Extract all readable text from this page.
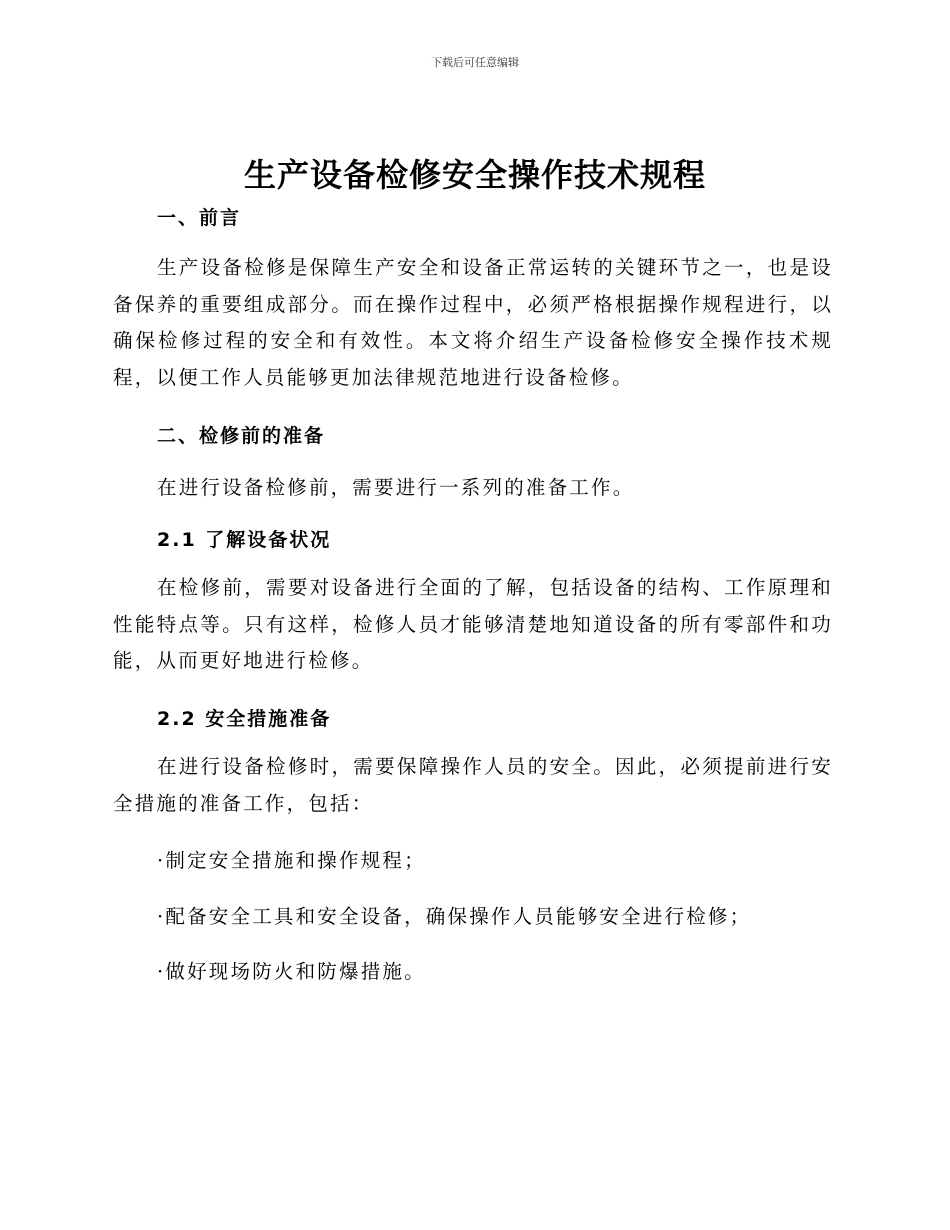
下载后可任意编辑
生产设备检修安全操作技术规程
一、前言
生产设备检修是保障生产安全和设备正常运转的关键环节之一，也是设备保养的重要组成部分。而在操作过程中，必须严格根据操作规程进行，以确保检修过程的安全和有效性。本文将介绍生产设备检修安全操作技术规程，以便工作人员能够更加法律规范地进行设备检修。
二、检修前的准备
在进行设备检修前，需要进行一系列的准备工作。
2.1 了解设备状况
在检修前，需要对设备进行全面的了解，包括设备的结构、工作原理和性能特点等。只有这样，检修人员才能够清楚地知道设备的所有零部件和功能，从而更好地进行检修。
2.2 安全措施准备
在进行设备检修时，需要保障操作人员的安全。因此，必须提前进行安全措施的准备工作，包括：
·制定安全措施和操作规程；
·配备安全工具和安全设备，确保操作人员能够安全进行检修；
·做好现场防火和防爆措施。
